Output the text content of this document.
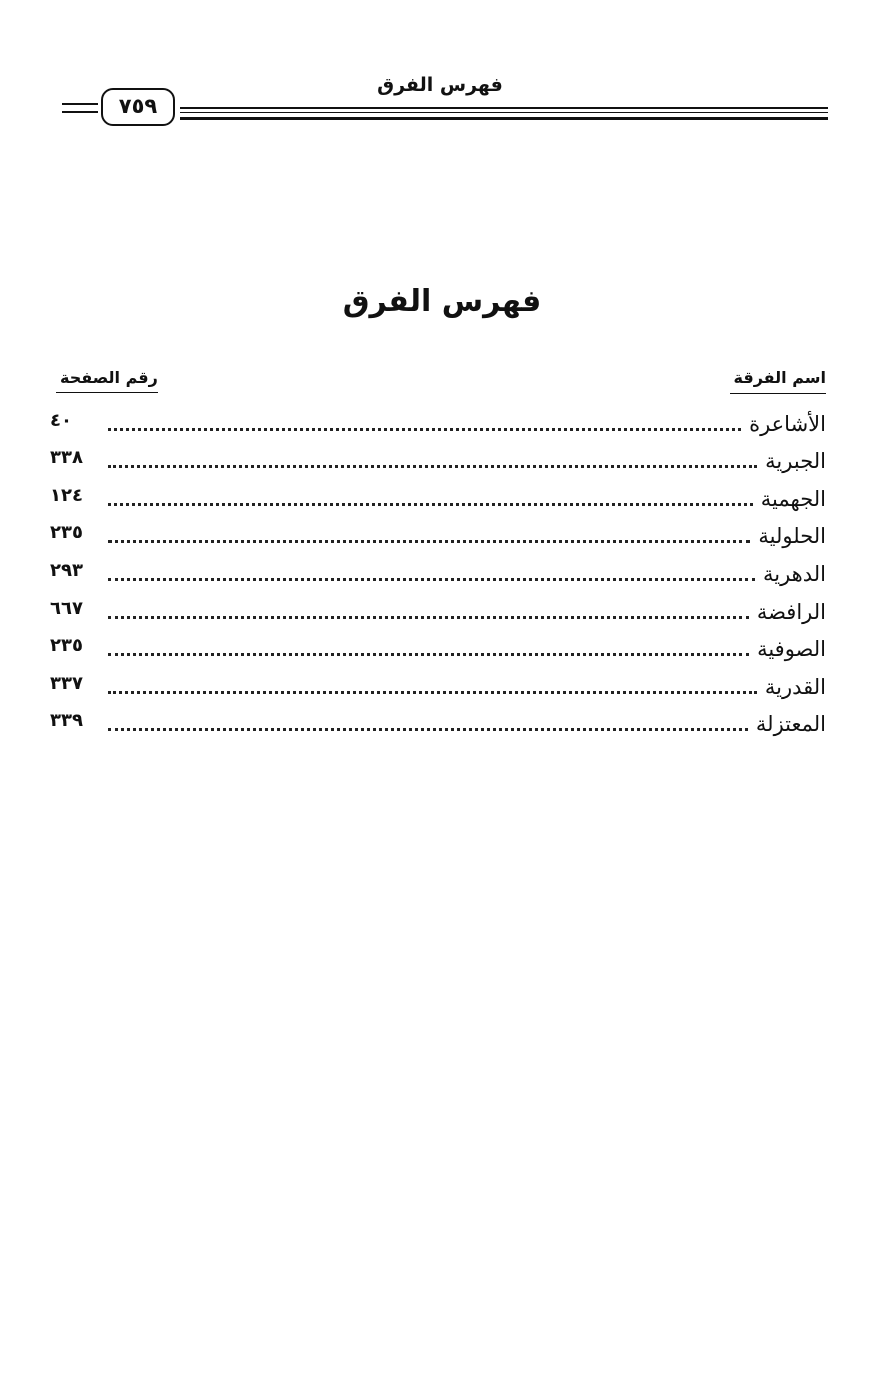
فهرس الفرق
٧٥٩
فهرس الفرق
اسم الفرقة
رقم الصفحة
الأشاعرة
٤٠
الجبرية
٣٣٨
الجهمية
١٢٤
الحلولية
٢٣٥
الدهرية
٢٩٣
الرافضة
٦٦٧
الصوفية
٢٣٥
القدرية
٣٣٧
المعتزلة
٣٣٩
